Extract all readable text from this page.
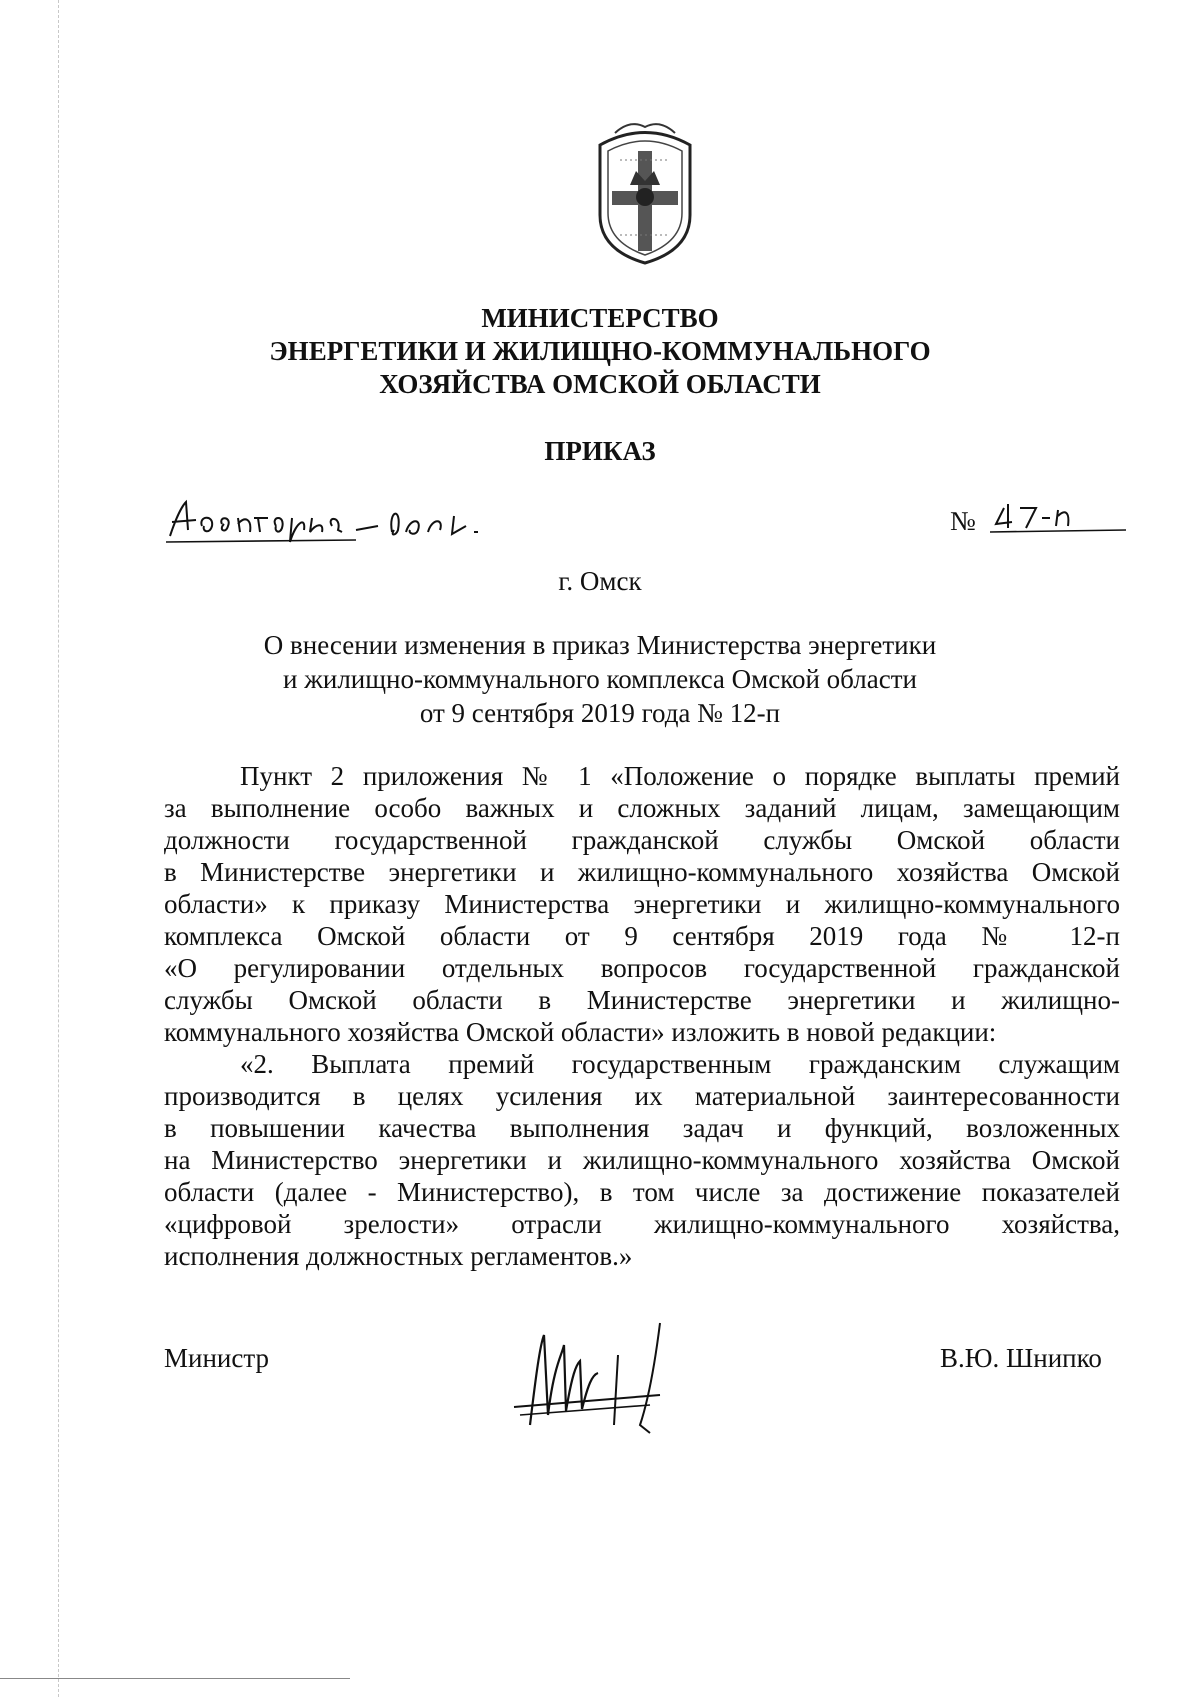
МИНИСТЕРСТВО
ЭНЕРГЕТИКИ И ЖИЛИЩНО-КОММУНАЛЬНОГО
ХОЗЯЙСТВА ОМСКОЙ ОБЛАСТИ
ПРИКАЗ
№
г. Омск
О внесении изменения в приказ Министерства энергетики
и жилищно-коммунального комплекса Омской области
от 9 сентября 2019 года № 12-п
Пункт 2 приложения № 1 «Положение о порядке выплаты премий
за выполнение особо важных и сложных заданий лицам, замещающим
должности государственной гражданской службы Омской области
в Министерстве энергетики и жилищно-коммунального хозяйства Омской
области» к приказу Министерства энергетики и жилищно-коммунального
комплекса Омской области от 9 сентября 2019 года № 12-п
«О регулировании отдельных вопросов государственной гражданской
службы Омской области в Министерстве энергетики и жилищно-
коммунального хозяйства Омской области» изложить в новой редакции:
«2. Выплата премий государственным гражданским служащим
производится в целях усиления их материальной заинтересованности
в повышении качества выполнения задач и функций, возложенных
на Министерство энергетики и жилищно-коммунального хозяйства Омской
области (далее - Министерство), в том числе за достижение показателей
«цифровой зрелости» отрасли жилищно-коммунального хозяйства,
исполнения должностных регламентов.»
Министр	В.Ю. Шнипко
